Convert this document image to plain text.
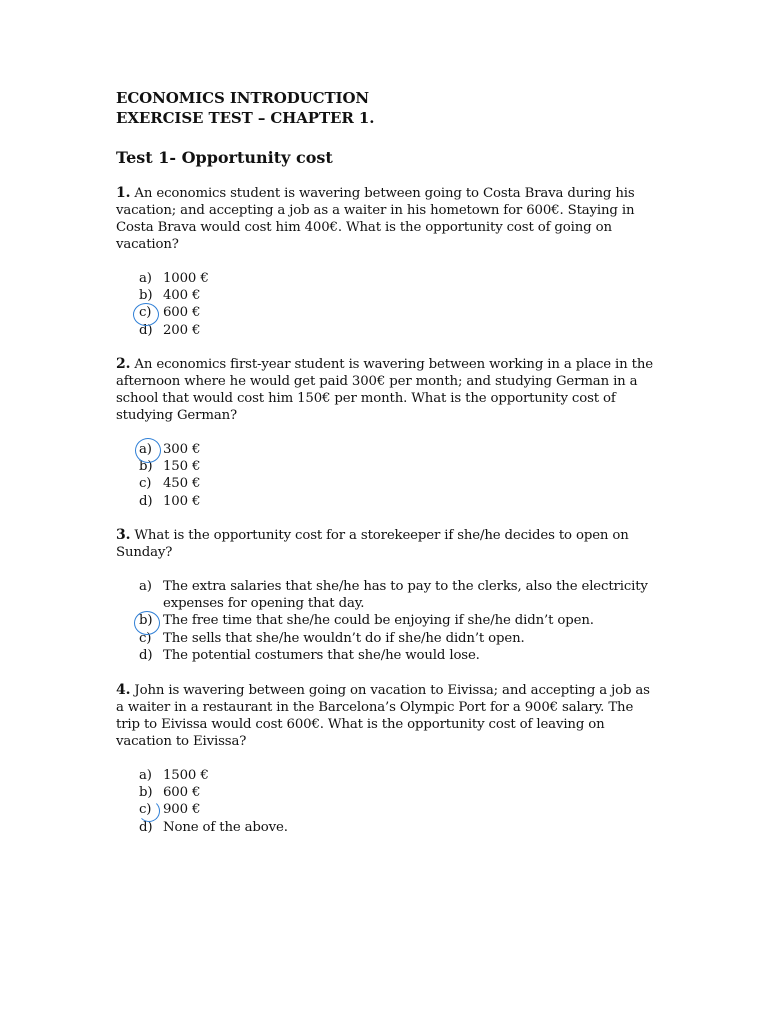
ECONOMICS INTRODUCTION
EXERCISE TEST – CHAPTER 1.
Test 1- Opportunity cost

1. An economics student is wavering between going to Costa Brava during his vacation; and accepting a job as a waiter in his hometown for 600€. Staying in Costa Brava would cost him 400€. What is the opportunity cost of going on vacation?

a) 1000 €
b) 400 €
c) 600 €
d) 200 €

2. An economics first-year student is wavering between working in a place in the afternoon where he would get paid 300€ per month; and studying German in a school that would cost him 150€ per month. What is the opportunity cost of studying German?

a) 300 €
b) 150 €
c) 450 €
d) 100 €

3. What is the opportunity cost for a storekeeper if she/he decides to open on Sunday?

a) The extra salaries that she/he has to pay to the clerks, also the electricity expenses for opening that day.
b) The free time that she/he could be enjoying if she/he didn’t open.
c) The sells that she/he wouldn’t do if she/he didn’t open.
d) The potential costumers that she/he would lose.

4. John is wavering between going on vacation to Eivissa; and accepting a job as a waiter in a restaurant in the Barcelona’s Olympic Port for a 900€ salary. The trip to Eivissa would cost 600€. What is the opportunity cost of leaving on vacation to Eivissa?

a) 1500 €
b) 600 €
c) 900 €
d) None of the above.
